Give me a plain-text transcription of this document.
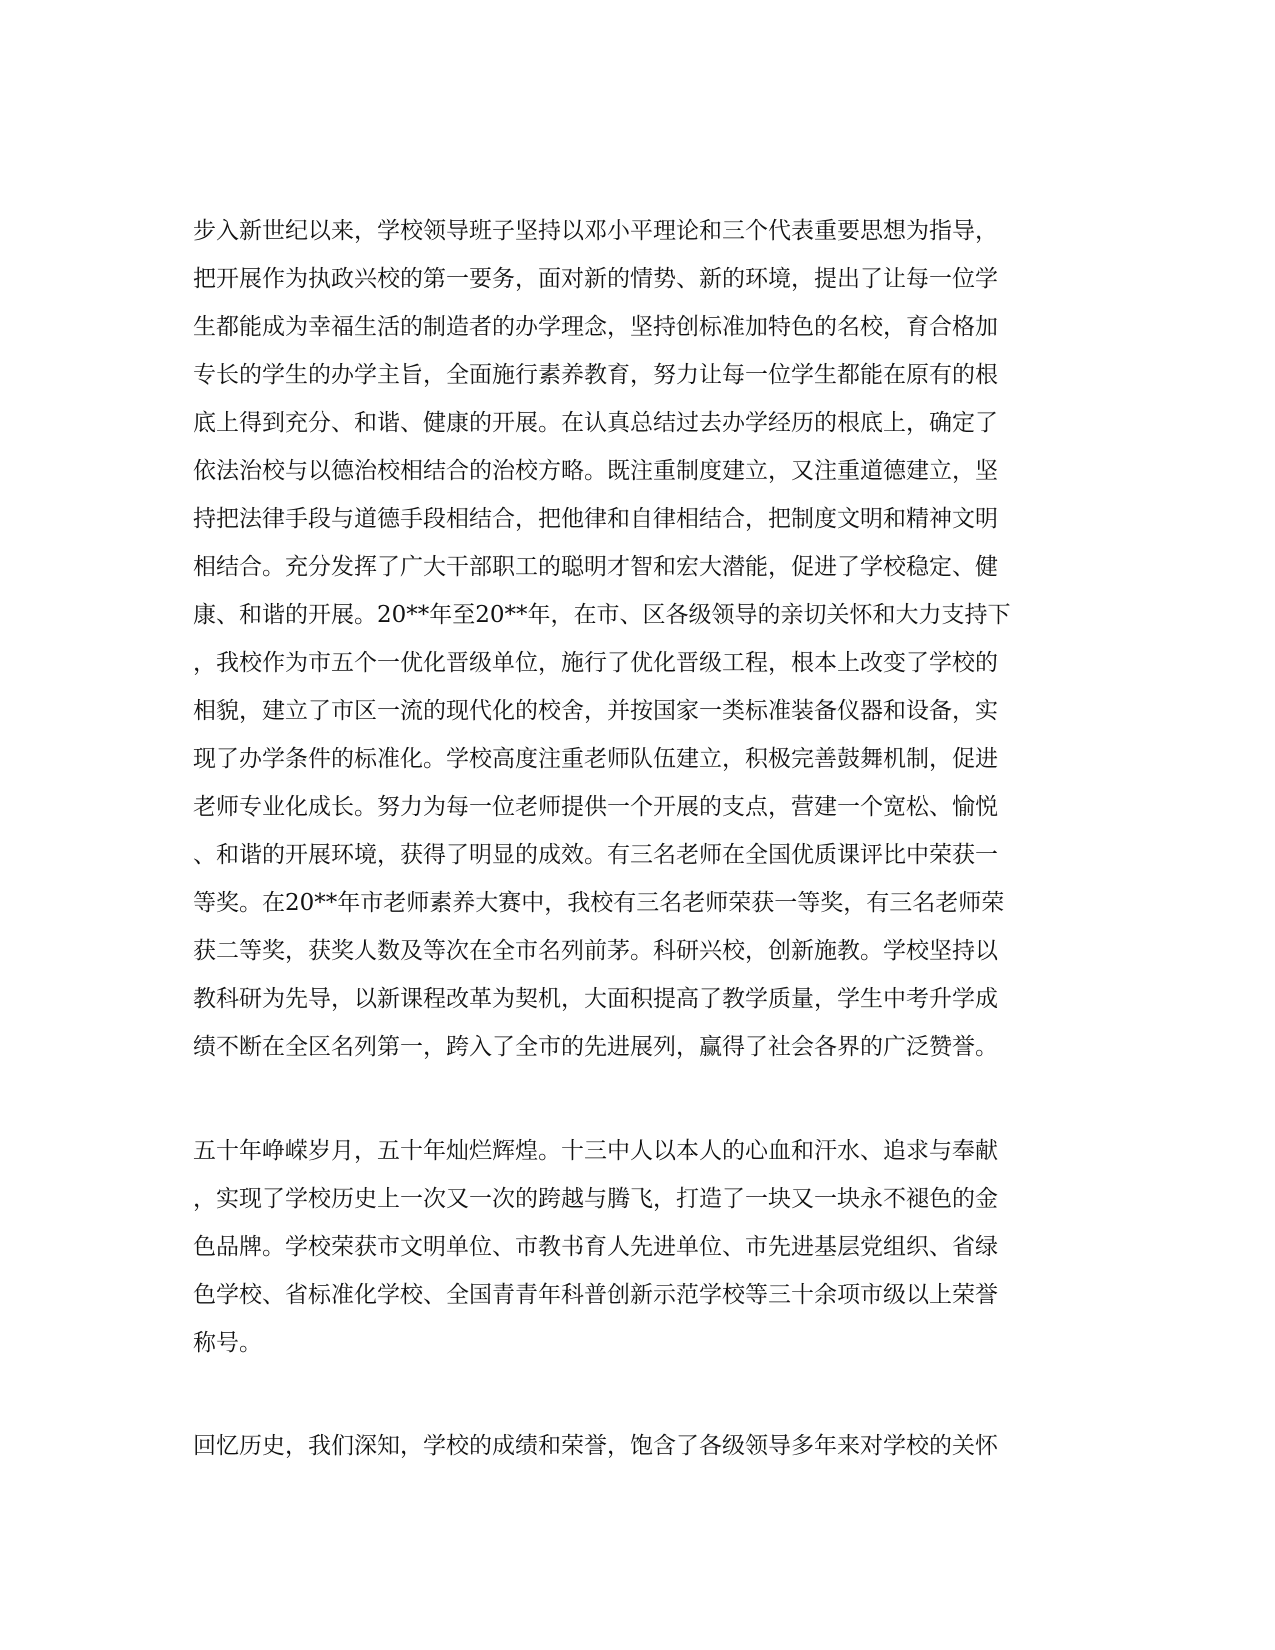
步入新世纪以来，学校领导班子坚持以邓小平理论和三个代表重要思想为指导，
把开展作为执政兴校的第一要务，面对新的情势、新的环境，提出了让每一位学
生都能成为幸福生活的制造者的办学理念，坚持创标准加特色的名校，育合格加
专长的学生的办学主旨，全面施行素养教育，努力让每一位学生都能在原有的根
底上得到充分、和谐、健康的开展。在认真总结过去办学经历的根底上，确定了
依法治校与以德治校相结合的治校方略。既注重制度建立，又注重道德建立，坚
持把法律手段与道德手段相结合，把他律和自律相结合，把制度文明和精神文明
相结合。充分发挥了广大干部职工的聪明才智和宏大潜能，促进了学校稳定、健
康、和谐的开展。20**年至20**年，在市、区各级领导的亲切关怀和大力支持下
，我校作为市五个一优化晋级单位，施行了优化晋级工程，根本上改变了学校的
相貌，建立了市区一流的现代化的校舍，并按国家一类标准装备仪器和设备，实
现了办学条件的标准化。学校高度注重老师队伍建立，积极完善鼓舞机制，促进
老师专业化成长。努力为每一位老师提供一个开展的支点，营建一个宽松、愉悦
、和谐的开展环境，获得了明显的成效。有三名老师在全国优质课评比中荣获一
等奖。在20**年市老师素养大赛中，我校有三名老师荣获一等奖，有三名老师荣
获二等奖，获奖人数及等次在全市名列前茅。科研兴校，创新施教。学校坚持以
教科研为先导，以新课程改革为契机，大面积提高了教学质量，学生中考升学成
绩不断在全区名列第一，跨入了全市的先进展列，赢得了社会各界的广泛赞誉。

五十年峥嵘岁月，五十年灿烂辉煌。十三中人以本人的心血和汗水、追求与奉献
，实现了学校历史上一次又一次的跨越与腾飞，打造了一块又一块永不褪色的金
色品牌。学校荣获市文明单位、市教书育人先进单位、市先进基层党组织、省绿
色学校、省标准化学校、全国青青年科普创新示范学校等三十余项市级以上荣誉
称号。

回忆历史，我们深知，学校的成绩和荣誉，饱含了各级领导多年来对学校的关怀
